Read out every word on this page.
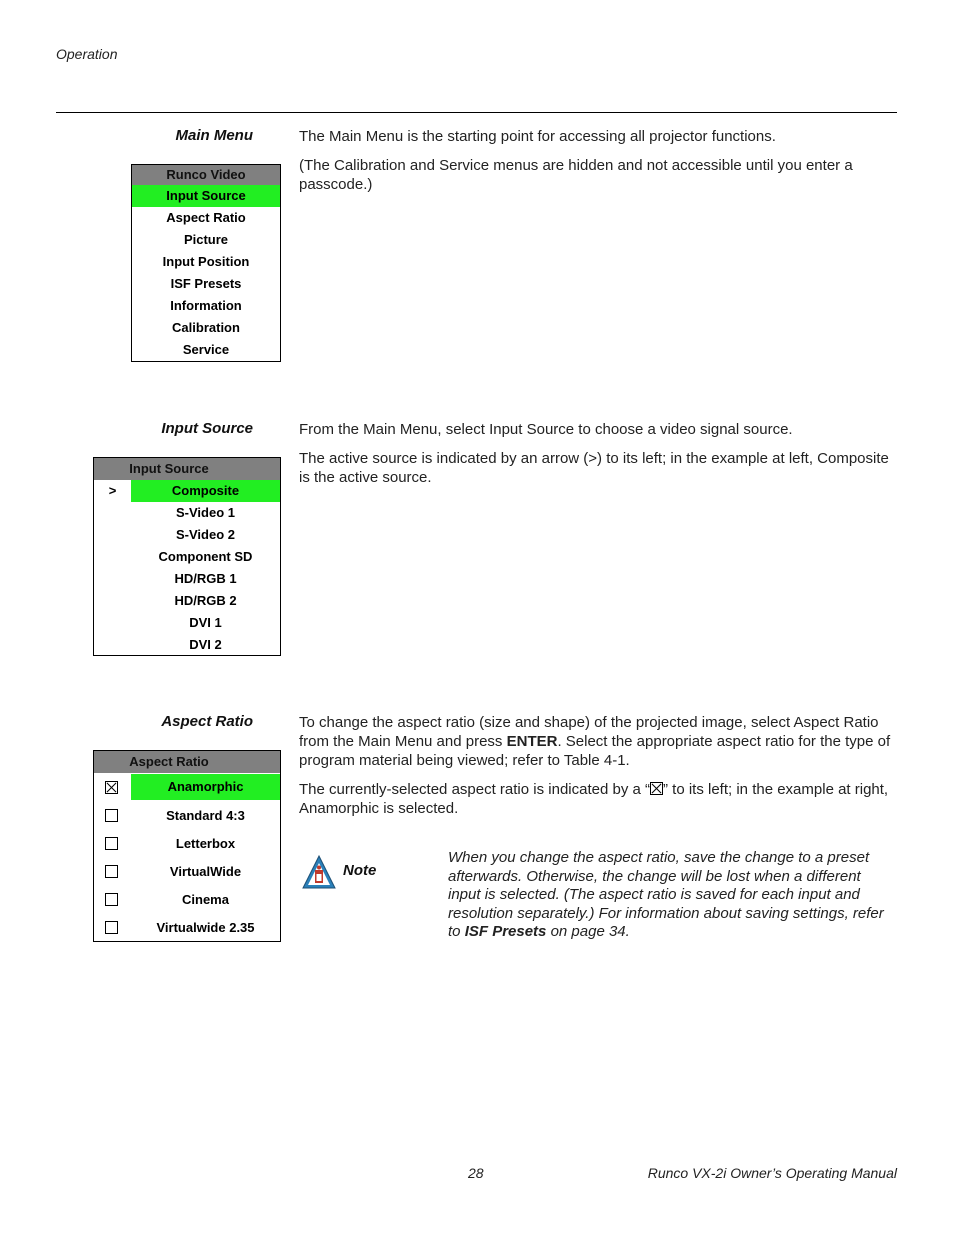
Operation
Main Menu	The Main Menu is the starting point for accessing all projector functions.
(The Calibration and Service menus are hidden and not accessible until you enter a passcode.)
Runco Video
Input Source
Aspect Ratio
Picture
Input Position
ISF Presets
Information
Calibration
Service
Input Source	From the Main Menu, select Input Source to choose a video signal source.
The active source is indicated by an arrow (>) to its left; in the example at left, Composite is the active source.
Input Source
>	Composite
S-Video 1
S-Video 2
Component SD
HD/RGB 1
HD/RGB 2
DVI 1
DVI 2
Aspect Ratio	To change the aspect ratio (size and shape) of the projected image, select Aspect Ratio from the Main Menu and press ENTER. Select the appropriate aspect ratio for the type of program material being viewed; refer to Table 4-1.
The currently-selected aspect ratio is indicated by a “ ” to its left; in the example at right, Anamorphic is selected.
Aspect Ratio
Anamorphic
Standard 4:3
Letterbox
VirtualWide
Cinema
Virtualwide 2.35
Note
When you change the aspect ratio, save the change to a preset afterwards. Otherwise, the change will be lost when a different input is selected. (The aspect ratio is saved for each input and resolution separately.) For information about saving settings, refer to ISF Presets on page 34.
28	Runco VX-2i Owner’s Operating Manual
